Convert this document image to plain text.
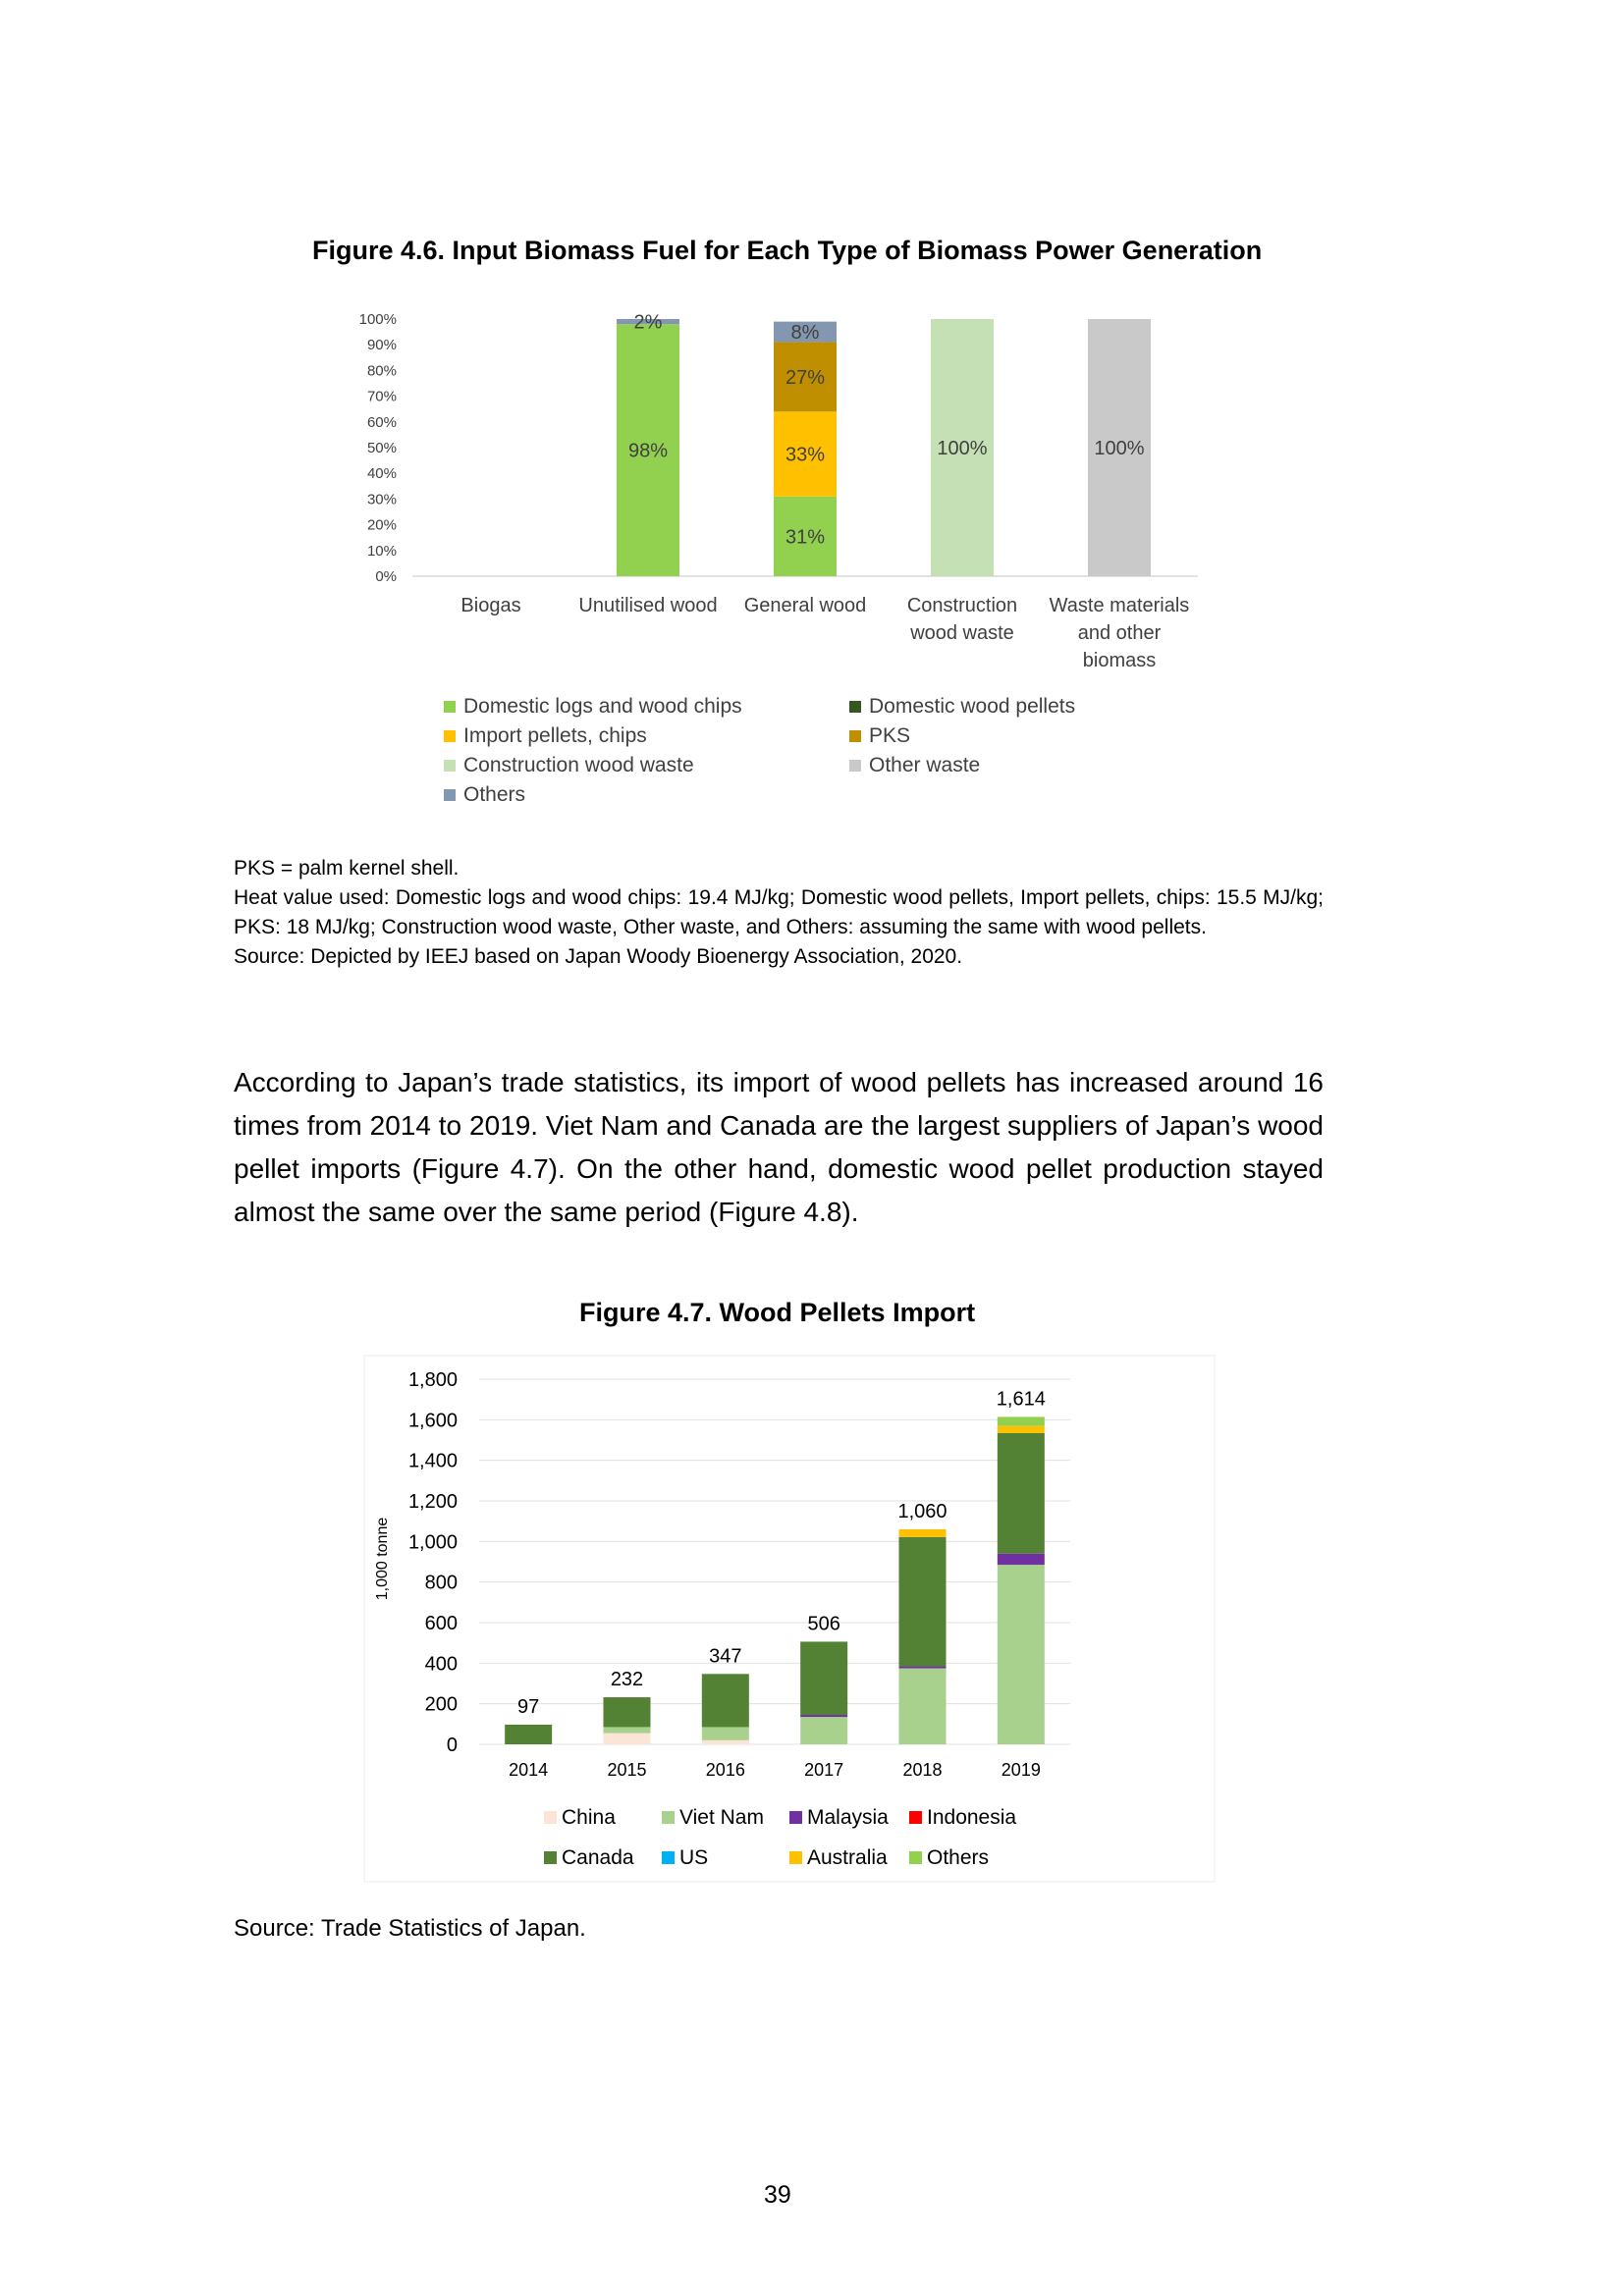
Figure 4.6. Input Biomass Fuel for Each Type of Biomass Power Generation
0%
10%
20%
30%
40%
50%
60%
70%
80%
90%
100%
Biogas
98%
2%
Unutilised wood
31%
33%
27%
8%
General wood
100%
Construction
wood waste
100%
Waste materials
and other
biomass
Domestic logs and wood chips	Domestic wood pellets
Import pellets, chips	PKS
Construction wood waste	Other waste
Others
PKS = palm kernel shell.
Heat value used: Domestic logs and wood chips: 19.4 MJ/kg; Domestic wood pellets, Import pellets, chips: 15.5 MJ/kg; PKS: 18 MJ/kg; Construction wood waste, Other waste, and Others: assuming the same with wood pellets.
Source: Depicted by IEEJ based on Japan Woody Bioenergy Association, 2020.
According to Japan’s trade statistics, its import of wood pellets has increased around 16 times from 2014 to 2019. Viet Nam and Canada are the largest suppliers of Japan’s wood pellet imports (Figure 4.7). On the other hand, domestic wood pellet production stayed almost the same over the same period (Figure 4.8).
Figure 4.7. Wood Pellets Import
0
200
400
600
800
1,000
1,200
1,400
1,600
1,800
1,000 tonne
97
2014
232
2015
347
2016
506
2017
1,060
2018
1,614
2019
China	Viet Nam Malaysia Indonesia
Canada US	Australia Others
Source: Trade Statistics of Japan.
39
